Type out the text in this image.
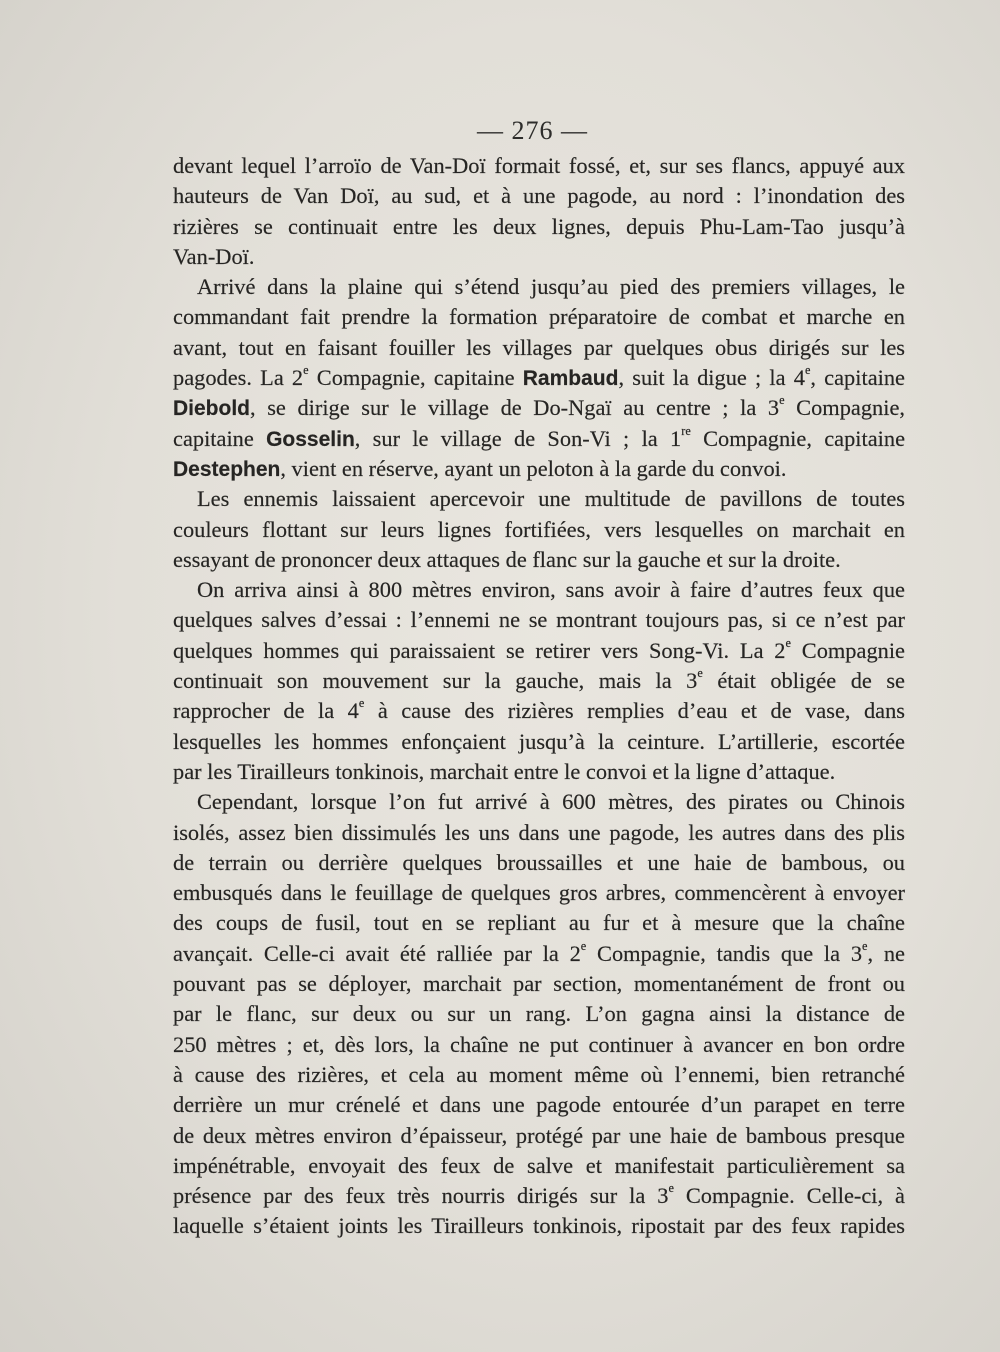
— 276 —
devant lequel l’arroïo de Van-Doï formait fossé, et, sur ses flancs, appuyé aux
hauteurs de Van Doï, au sud, et à une pagode, au nord : l’inondation des
rizières se continuait entre les deux lignes, depuis Phu-Lam-Tao jusqu’à
Van-Doï.
Arrivé dans la plaine qui s’étend jusqu’au pied des premiers villages, le
commandant fait prendre la formation préparatoire de combat et marche en
avant, tout en faisant fouiller les villages par quelques obus dirigés sur les
pagodes. La 2e Compagnie, capitaine Rambaud, suit la digue ; la 4e, capitaine
Diebold, se dirige sur le village de Do-Ngaï au centre ; la 3e Compagnie,
capitaine Gosselin, sur le village de Son-Vi ; la 1re Compagnie, capitaine
Destephen, vient en réserve, ayant un peloton à la garde du convoi.
Les ennemis laissaient apercevoir une multitude de pavillons de toutes
couleurs flottant sur leurs lignes fortifiées, vers lesquelles on marchait en
essayant de prononcer deux attaques de flanc sur la gauche et sur la droite.
On arriva ainsi à 800 mètres environ, sans avoir à faire d’autres feux que
quelques salves d’essai : l’ennemi ne se montrant toujours pas, si ce n’est par
quelques hommes qui paraissaient se retirer vers Song-Vi. La 2e Compagnie
continuait son mouvement sur la gauche, mais la 3e était obligée de se
rapprocher de la 4e à cause des rizières remplies d’eau et de vase, dans
lesquelles les hommes enfonçaient jusqu’à la ceinture. L’artillerie, escortée
par les Tirailleurs tonkinois, marchait entre le convoi et la ligne d’attaque.
Cependant, lorsque l’on fut arrivé à 600 mètres, des pirates ou Chinois
isolés, assez bien dissimulés les uns dans une pagode, les autres dans des plis
de terrain ou derrière quelques broussailles et une haie de bambous, ou
embusqués dans le feuillage de quelques gros arbres, commencèrent à envoyer
des coups de fusil, tout en se repliant au fur et à mesure que la chaîne
avançait. Celle-ci avait été ralliée par la 2e Compagnie, tandis que la 3e, ne
pouvant pas se déployer, marchait par section, momentanément de front ou
par le flanc, sur deux ou sur un rang. L’on gagna ainsi la distance de
250 mètres ; et, dès lors, la chaîne ne put continuer à avancer en bon ordre
à cause des rizières, et cela au moment même où l’ennemi, bien retranché
derrière un mur crénelé et dans une pagode entourée d’un parapet en terre
de deux mètres environ d’épaisseur, protégé par une haie de bambous presque
impénétrable, envoyait des feux de salve et manifestait particulièrement sa
présence par des feux très nourris dirigés sur la 3e Compagnie. Celle-ci, à
laquelle s’étaient joints les Tirailleurs tonkinois, ripostait par des feux rapides
